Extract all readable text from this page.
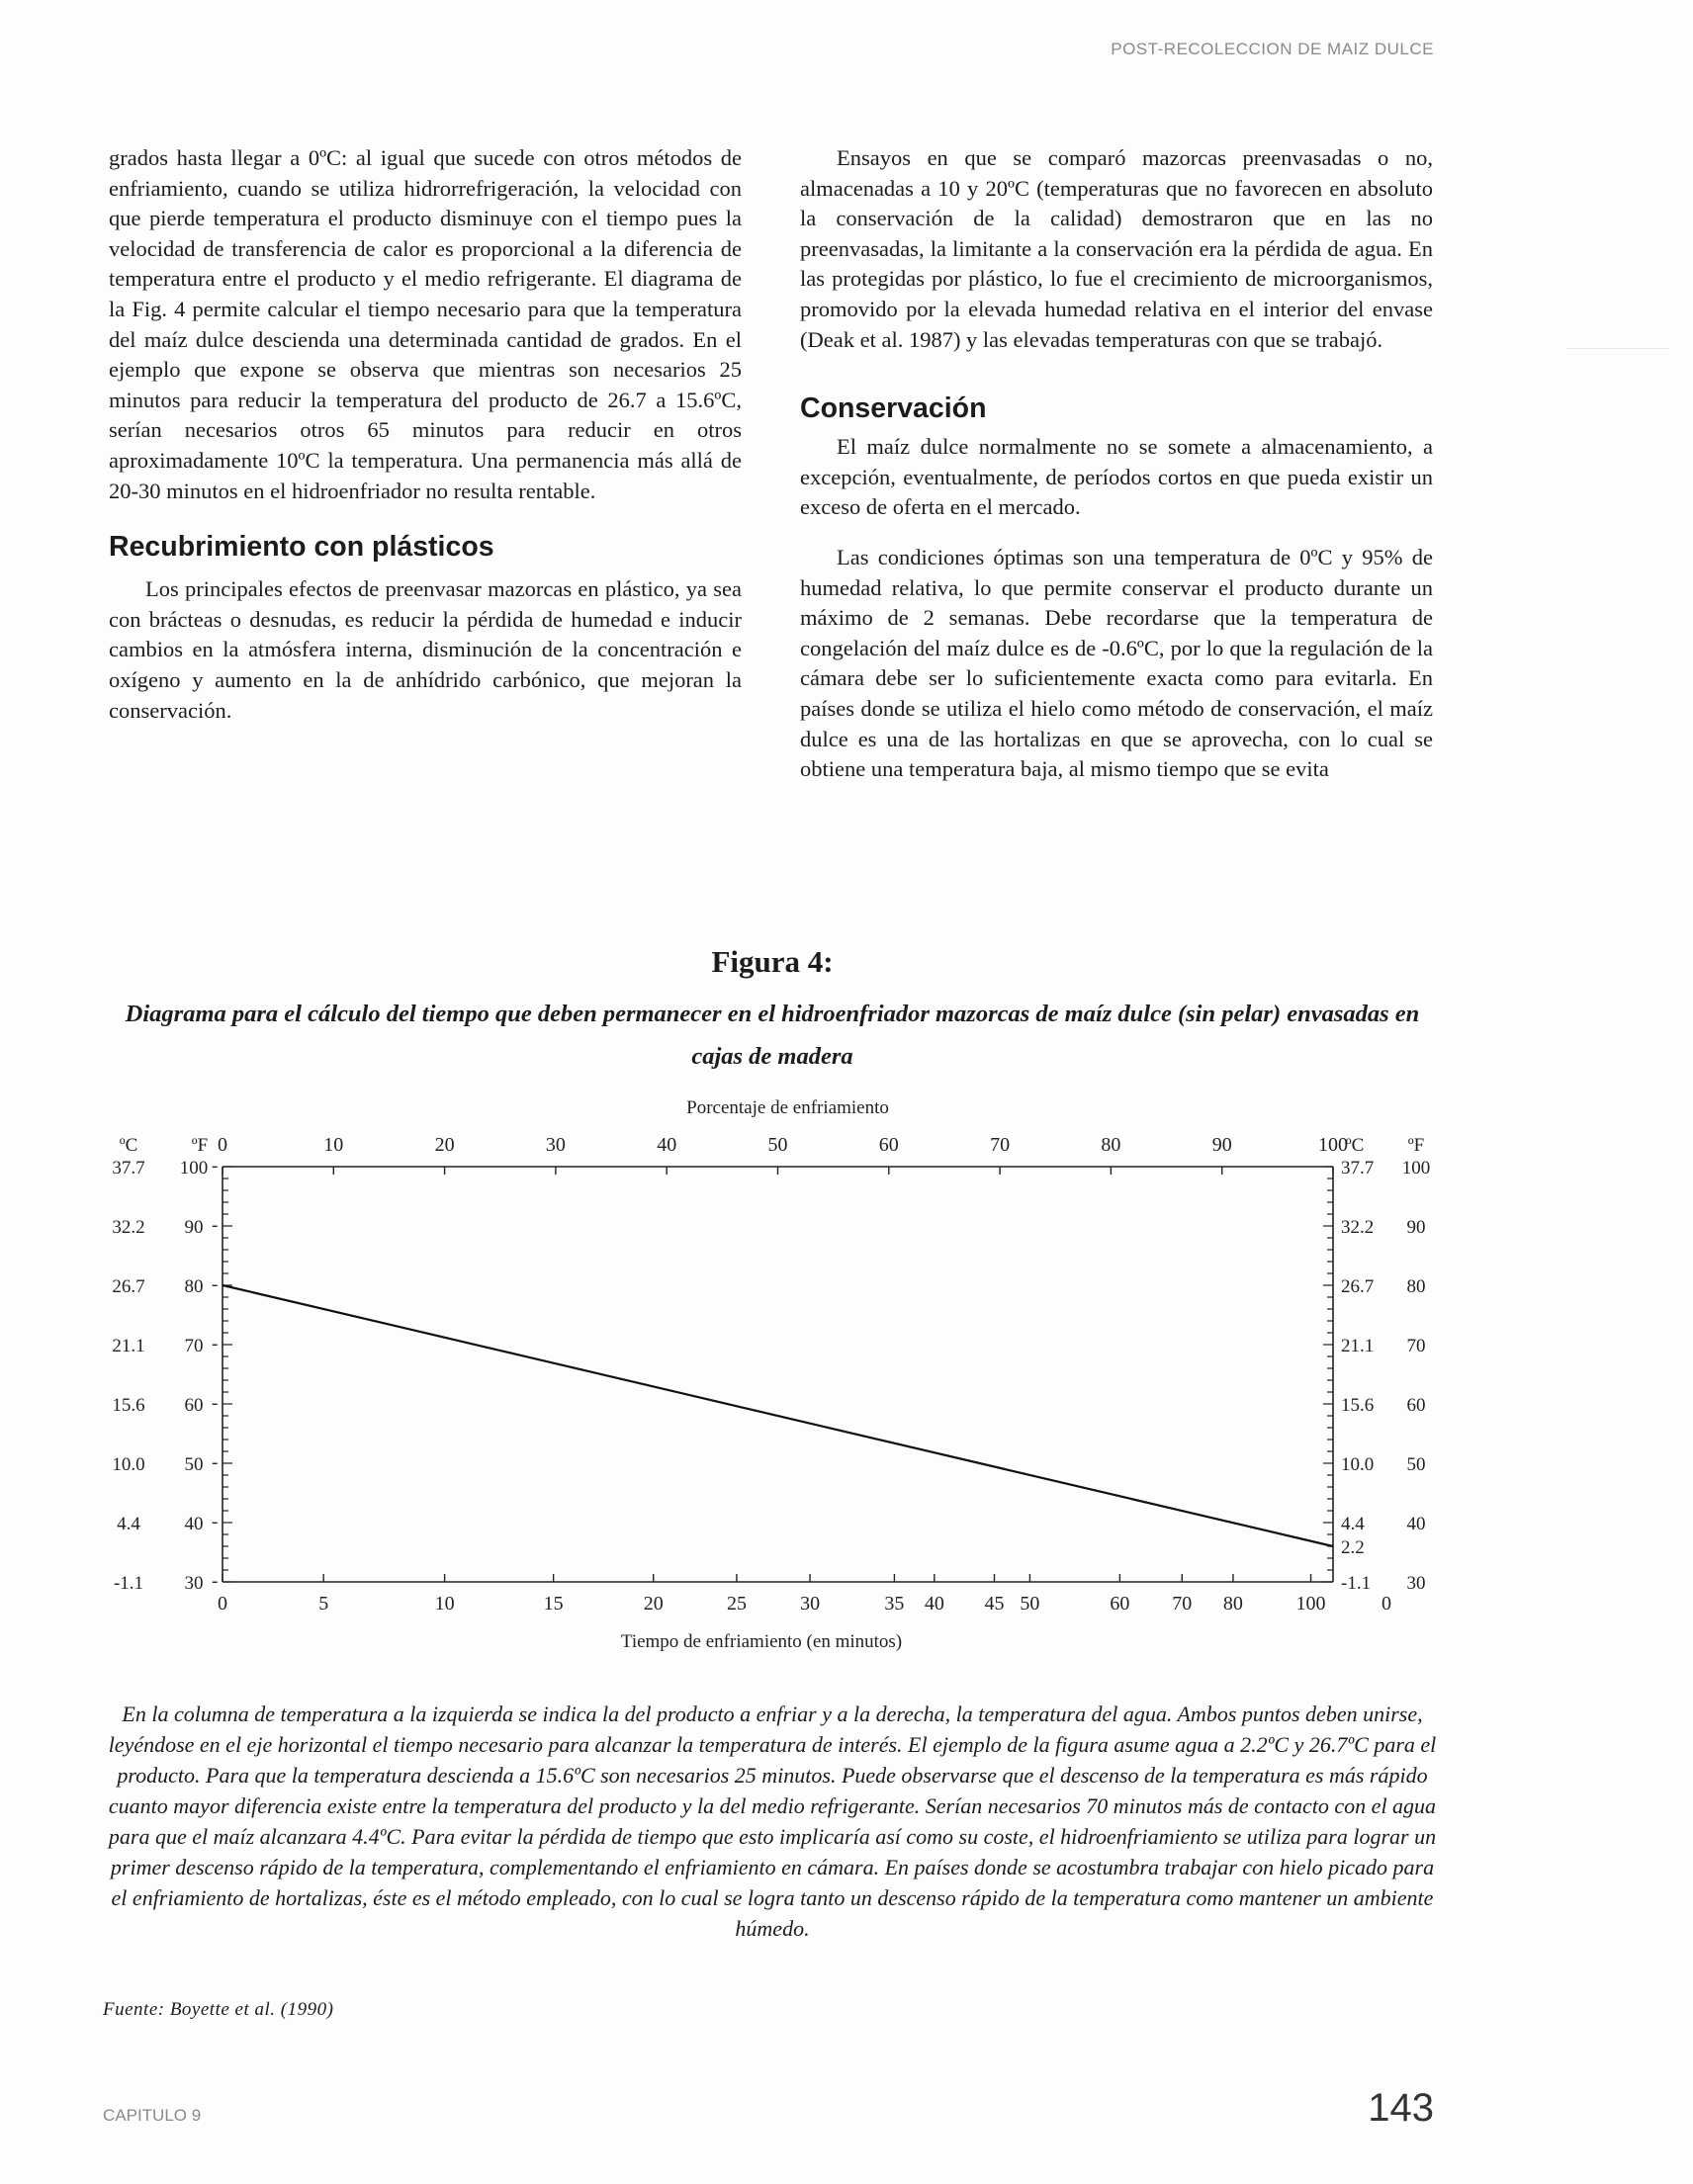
POST-RECOLECCION DE MAIZ DULCE

grados hasta llegar a 0ºC: al igual que sucede con otros métodos de enfriamiento, cuando se utiliza hidrorrefrigeración, la velocidad con que pierde temperatura el producto disminuye con el tiempo pues la velocidad de transferencia de calor es proporcional a la diferencia de temperatura entre el producto y el medio refrigerante. El diagrama de la Fig. 4 permite calcular el tiempo necesario para que la temperatura del maíz dulce descienda una determinada cantidad de grados. En el ejemplo que expone se observa que mientras son necesarios 25 minutos para reducir la temperatura del producto de 26.7 a 15.6ºC, serían necesarios otros 65 minutos para reducir en otros aproximadamente 10ºC la temperatura. Una permanencia más allá de 20-30 minutos en el hidroenfriador no resulta rentable.

Recubrimiento con plásticos

Los principales efectos de preenvasar mazorcas en plástico, ya sea con brácteas o desnudas, es reducir la pérdida de humedad e inducir cambios en la atmósfera interna, disminución de la concentración e oxígeno y aumento en la de anhídrido carbónico, que mejoran la conservación.

Ensayos en que se comparó mazorcas preenvasadas o no, almacenadas a 10 y 20ºC (temperaturas que no favorecen en absoluto la conservación de la calidad) demostraron que en las no preenvasadas, la limitante a la conservación era la pérdida de agua. En las protegidas por plástico, lo fue el crecimiento de microorganismos, promovido por la elevada humedad relativa en el interior del envase (Deak et al. 1987) y las elevadas temperaturas con que se trabajó.

Conservación

El maíz dulce normalmente no se somete a almacenamiento, a excepción, eventualmente, de períodos cortos en que pueda existir un exceso de oferta en el mercado.

Las condiciones óptimas son una temperatura de 0ºC y 95% de humedad relativa, lo que permite conservar el producto durante un máximo de 2 semanas. Debe recordarse que la temperatura de congelación del maíz dulce es de -0.6ºC, por lo que la regulación de la cámara debe ser lo suficientemente exacta como para evitarla. En países donde se utiliza el hielo como método de conservación, el maíz dulce es una de las hortalizas en que se aprovecha, con lo cual se obtiene una temperatura baja, al mismo tiempo que se evita

Figura 4:

Diagrama para el cálculo del tiempo que deben permanecer en el hidroenfriador mazorcas de maíz dulce (sin pelar) envasadas en cajas de madera

Porcentaje de enfriamiento
0	10	20	30	40	50	60	70	80	90	100
0	5	10	15	20	25	30	35 40 45 50	60 70 80	100	0
Tiempo de enfriamiento (en minutos)
ºC	ºF	ºC ºF
37.7 100 -
32.2 90 -
26.7 80 -
21.1 70 -
15.6 60 -
10.0 50 -
4.4 40 -
-1.1 30 -
37.7 100
32.2 90
26.7 80
21.1 70
15.6 60
10.0 50
4.4 40
2.2
-1.1 30

En la columna de temperatura a la izquierda se indica la del producto a enfriar y a la derecha, la temperatura del agua. Ambos puntos deben unirse, leyéndose en el eje horizontal el tiempo necesario para alcanzar la temperatura de interés. El ejemplo de la figura asume agua a 2.2ºC y 26.7ºC para el producto. Para que la temperatura descienda a 15.6ºC son necesarios 25 minutos. Puede observarse que el descenso de la temperatura es más rápido cuanto mayor diferencia existe entre la temperatura del producto y la del medio refrigerante. Serían necesarios 70 minutos más de contacto con el agua para que el maíz alcanzara 4.4ºC. Para evitar la pérdida de tiempo que esto implicaría así como su coste, el hidroenfriamiento se utiliza para lograr un primer descenso rápido de la temperatura, complementando el enfriamiento en cámara. En países donde se acostumbra trabajar con hielo picado para el enfriamiento de hortalizas, éste es el método empleado, con lo cual se logra tanto un descenso rápido de la temperatura como mantener un ambiente húmedo.

Fuente: Boyette et al. (1990)

CAPITULO 9	143
